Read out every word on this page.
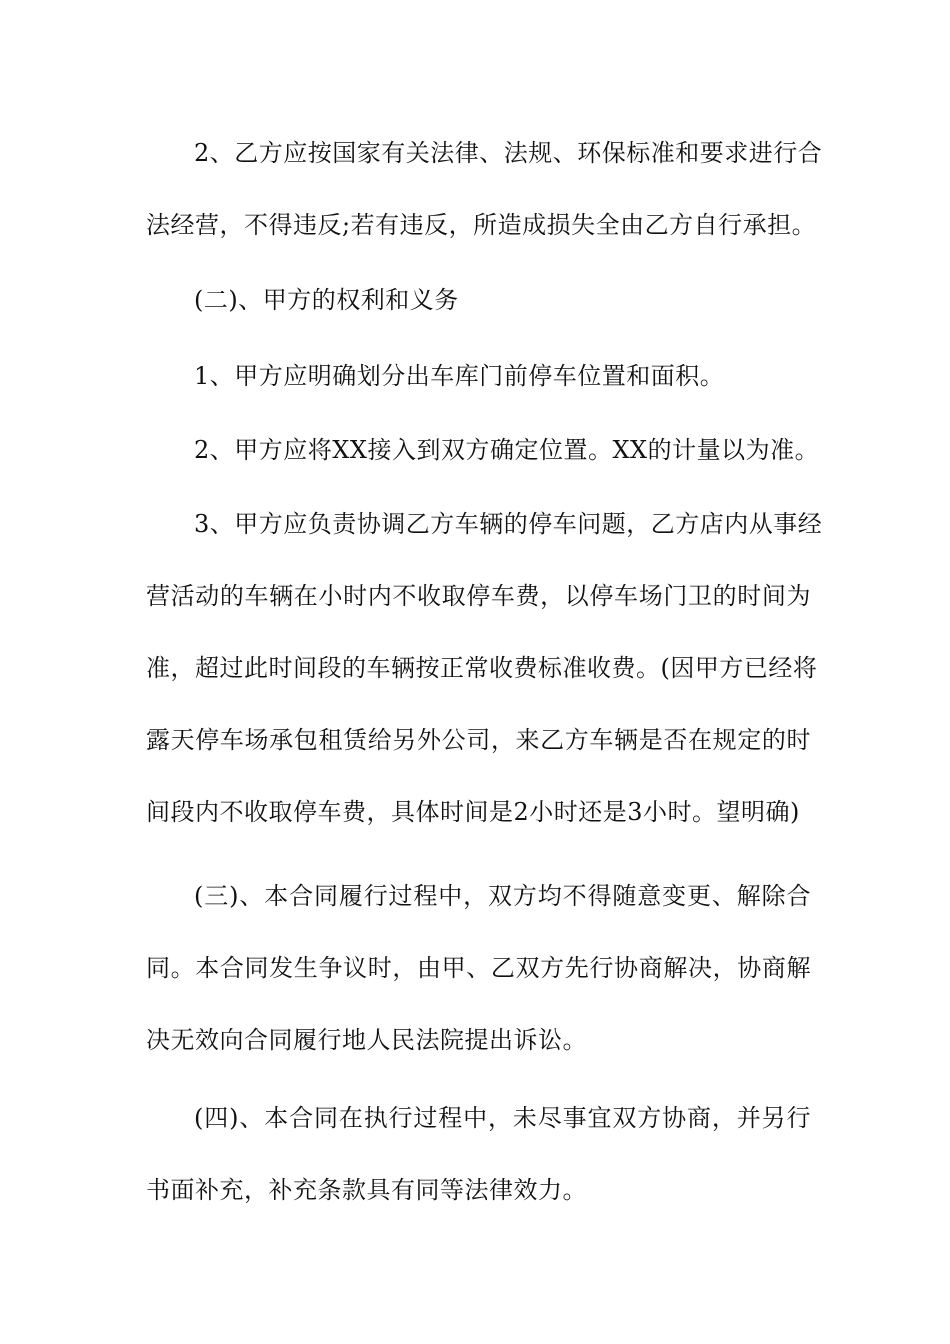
2、乙方应按国家有关法律、法规、环保标准和要求进行合
法经营，不得违反;若有违反，所造成损失全由乙方自行承担。
(二)、甲方的权利和义务
1、甲方应明确划分出车库门前停车位置和面积。
2、甲方应将XX接入到双方确定位置。XX的计量以为准。
3、甲方应负责协调乙方车辆的停车问题，乙方店内从事经
营活动的车辆在小时内不收取停车费，以停车场门卫的时间为
准，超过此时间段的车辆按正常收费标准收费。(因甲方已经将
露天停车场承包租赁给另外公司，来乙方车辆是否在规定的时
间段内不收取停车费，具体时间是2小时还是3小时。望明确)
(三)、本合同履行过程中，双方均不得随意变更、解除合
同。本合同发生争议时，由甲、乙双方先行协商解决，协商解
决无效向合同履行地人民法院提出诉讼。
(四)、本合同在执行过程中，未尽事宜双方协商，并另行
书面补充，补充条款具有同等法律效力。
